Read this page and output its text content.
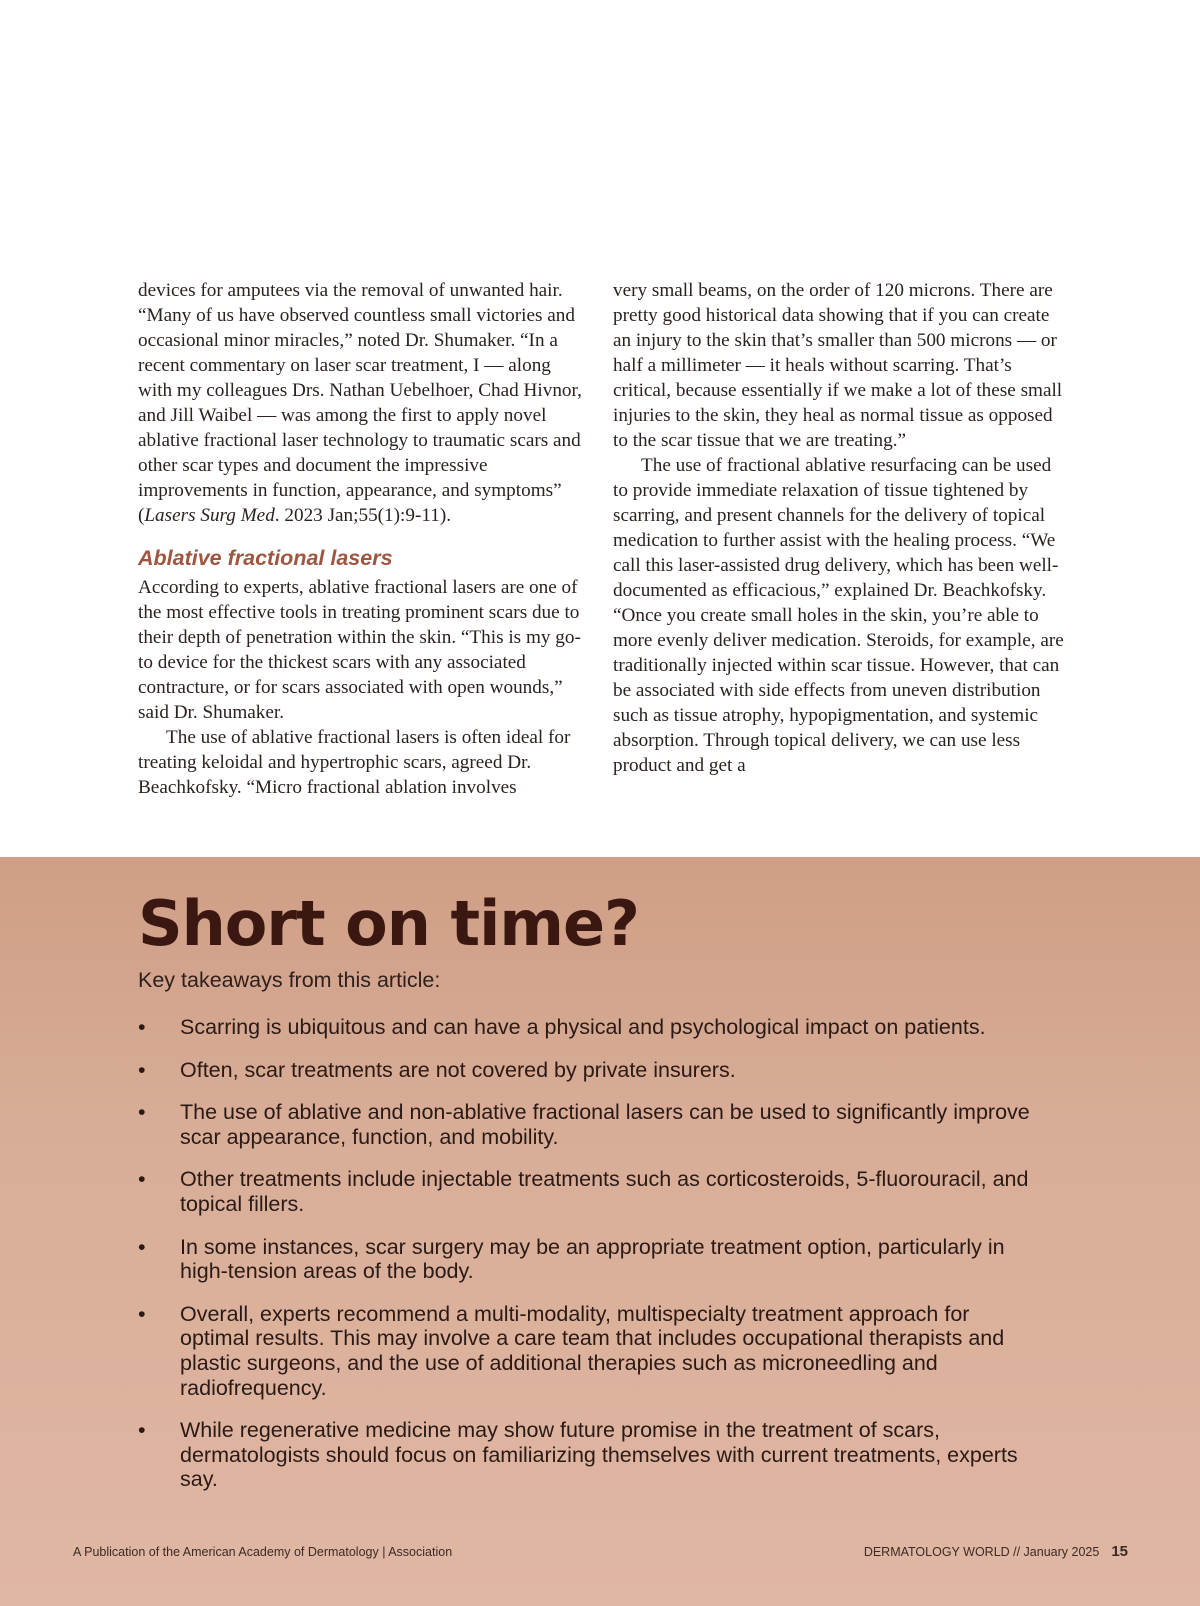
devices for amputees via the removal of unwanted hair. “Many of us have observed countless small victories and occasional minor miracles,” noted Dr. Shumaker. “In a recent commentary on laser scar treatment, I — along with my colleagues Drs. Nathan Uebelhoer, Chad Hivnor, and Jill Waibel — was among the first to apply novel ablative fractional laser technology to traumatic scars and other scar types and document the impressive improvements in function, appearance, and symptoms” (Lasers Surg Med. 2023 Jan;55(1):9-11).

Ablative fractional lasers

According to experts, ablative fractional lasers are one of the most effective tools in treating prominent scars due to their depth of penetration within the skin. “This is my go-to device for the thickest scars with any associated contracture, or for scars associated with open wounds,” said Dr. Shumaker.

The use of ablative fractional lasers is often ideal for treating keloidal and hypertrophic scars, agreed Dr. Beachkofsky. “Micro fractional ablation involves

very small beams, on the order of 120 microns. There are pretty good historical data showing that if you can create an injury to the skin that’s smaller than 500 microns — or half a millimeter — it heals without scarring. That’s critical, because essentially if we make a lot of these small injuries to the skin, they heal as normal tissue as opposed to the scar tissue that we are treating.”

The use of fractional ablative resurfacing can be used to provide immediate relaxation of tissue tightened by scarring, and present channels for the delivery of topical medication to further assist with the healing process. “We call this laser-assisted drug delivery, which has been well-documented as efficacious,” explained Dr. Beachkofsky. “Once you create small holes in the skin, you’re able to more evenly deliver medication. Steroids, for example, are traditionally injected within scar tissue. However, that can be associated with side effects from uneven distribution such as tissue atrophy, hypopigmentation, and systemic absorption. Through topical delivery, we can use less product and get a

Short on time?

Key takeaways from this article:

•	Scarring is ubiquitous and can have a physical and psychological impact on patients.
•	Often, scar treatments are not covered by private insurers.
•	The use of ablative and non-ablative fractional lasers can be used to significantly improve scar appearance, function, and mobility.
•	Other treatments include injectable treatments such as corticosteroids, 5-fluorouracil, and topical fillers.
•	In some instances, scar surgery may be an appropriate treatment option, particularly in high-tension areas of the body.
•	Overall, experts recommend a multi-modality, multispecialty treatment approach for optimal results. This may involve a care team that includes occupational therapists and plastic surgeons, and the use of additional therapies such as microneedling and radiofrequency.
•	While regenerative medicine may show future promise in the treatment of scars, dermatologists should focus on familiarizing themselves with current treatments, experts say.
A Publication of the American Academy of Dermatology | Association	DERMATOLOGY WORLD // January 2025 15
